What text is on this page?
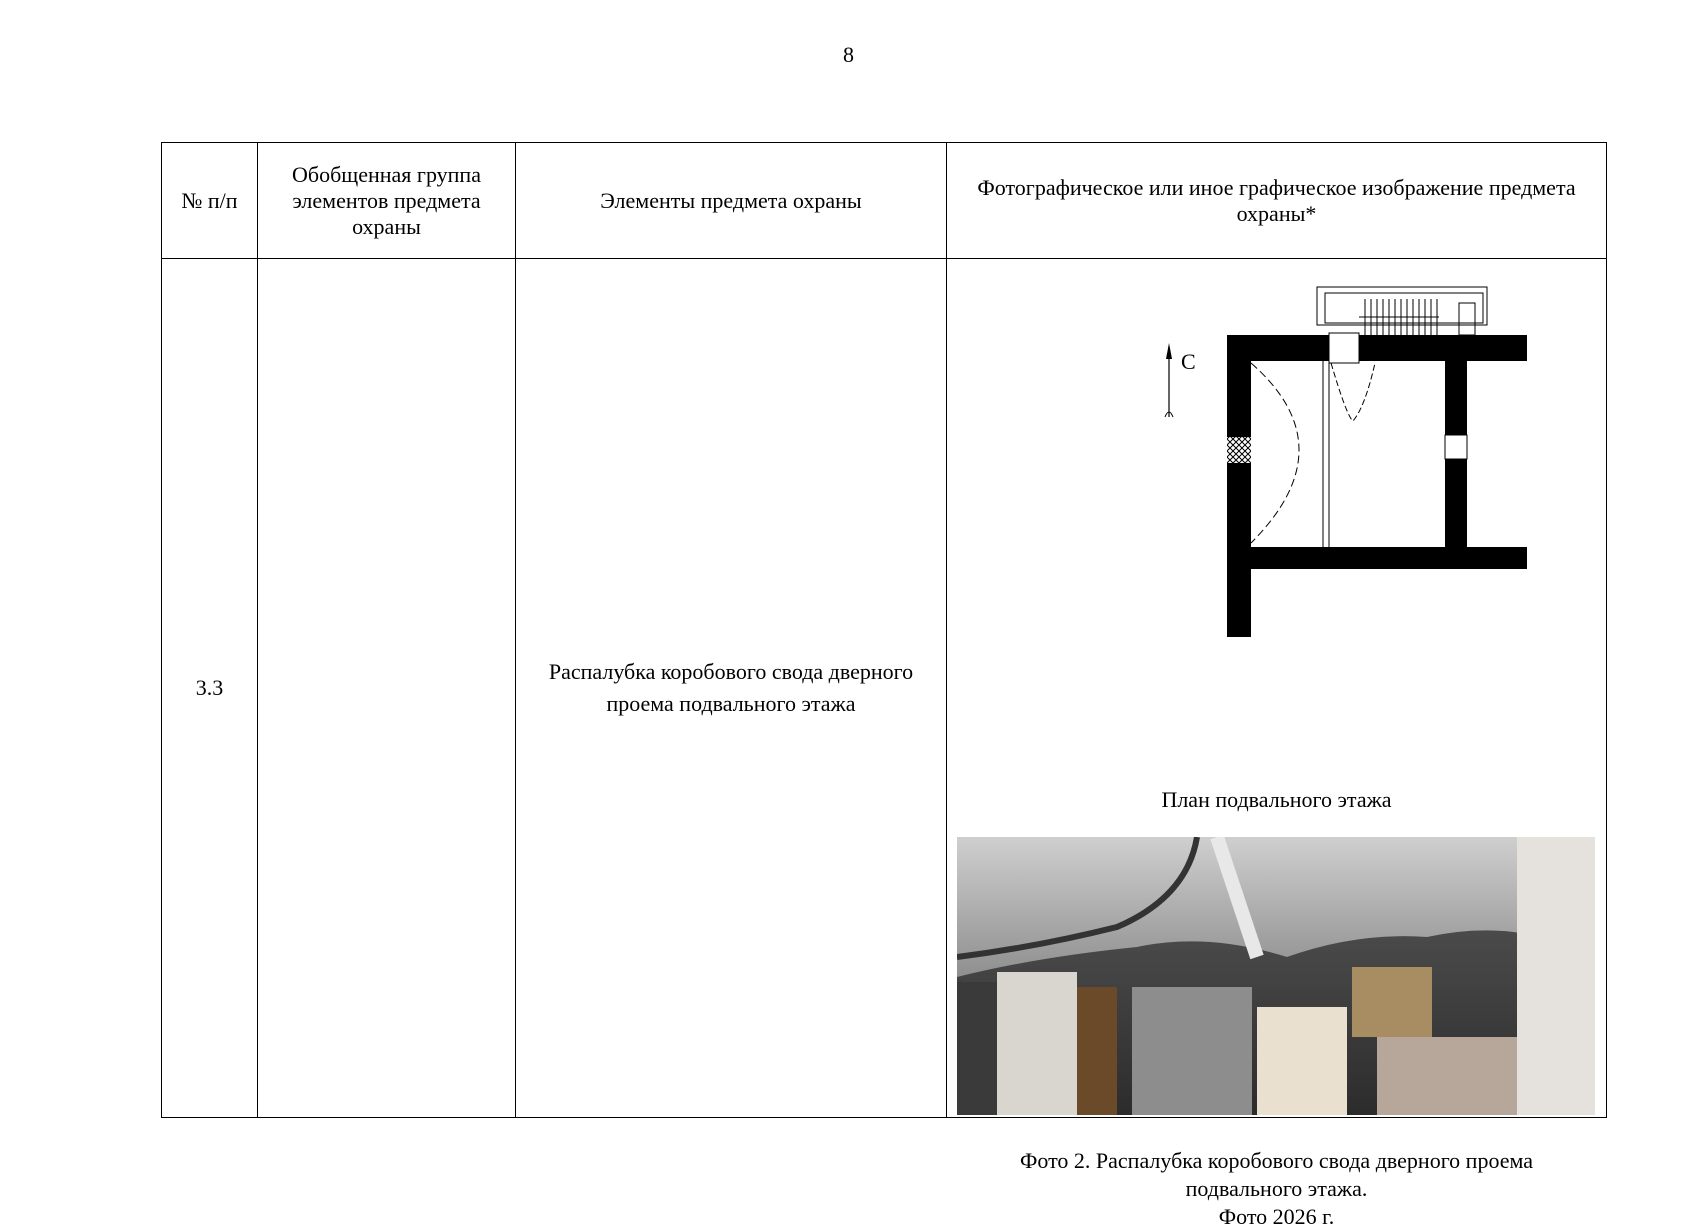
8
№ п/п	Обобщенная группа элементов предмета охраны	Элементы предмета охраны	Фотографическое или иное графическое изображение предмета охраны*
3.3		Распалубка коробового свода дверного проема подвального этажа	С
План подвального этажа
Фото 2. Распалубка коробового свода дверного проема
подвального этажа.
Фото 2026 г.
